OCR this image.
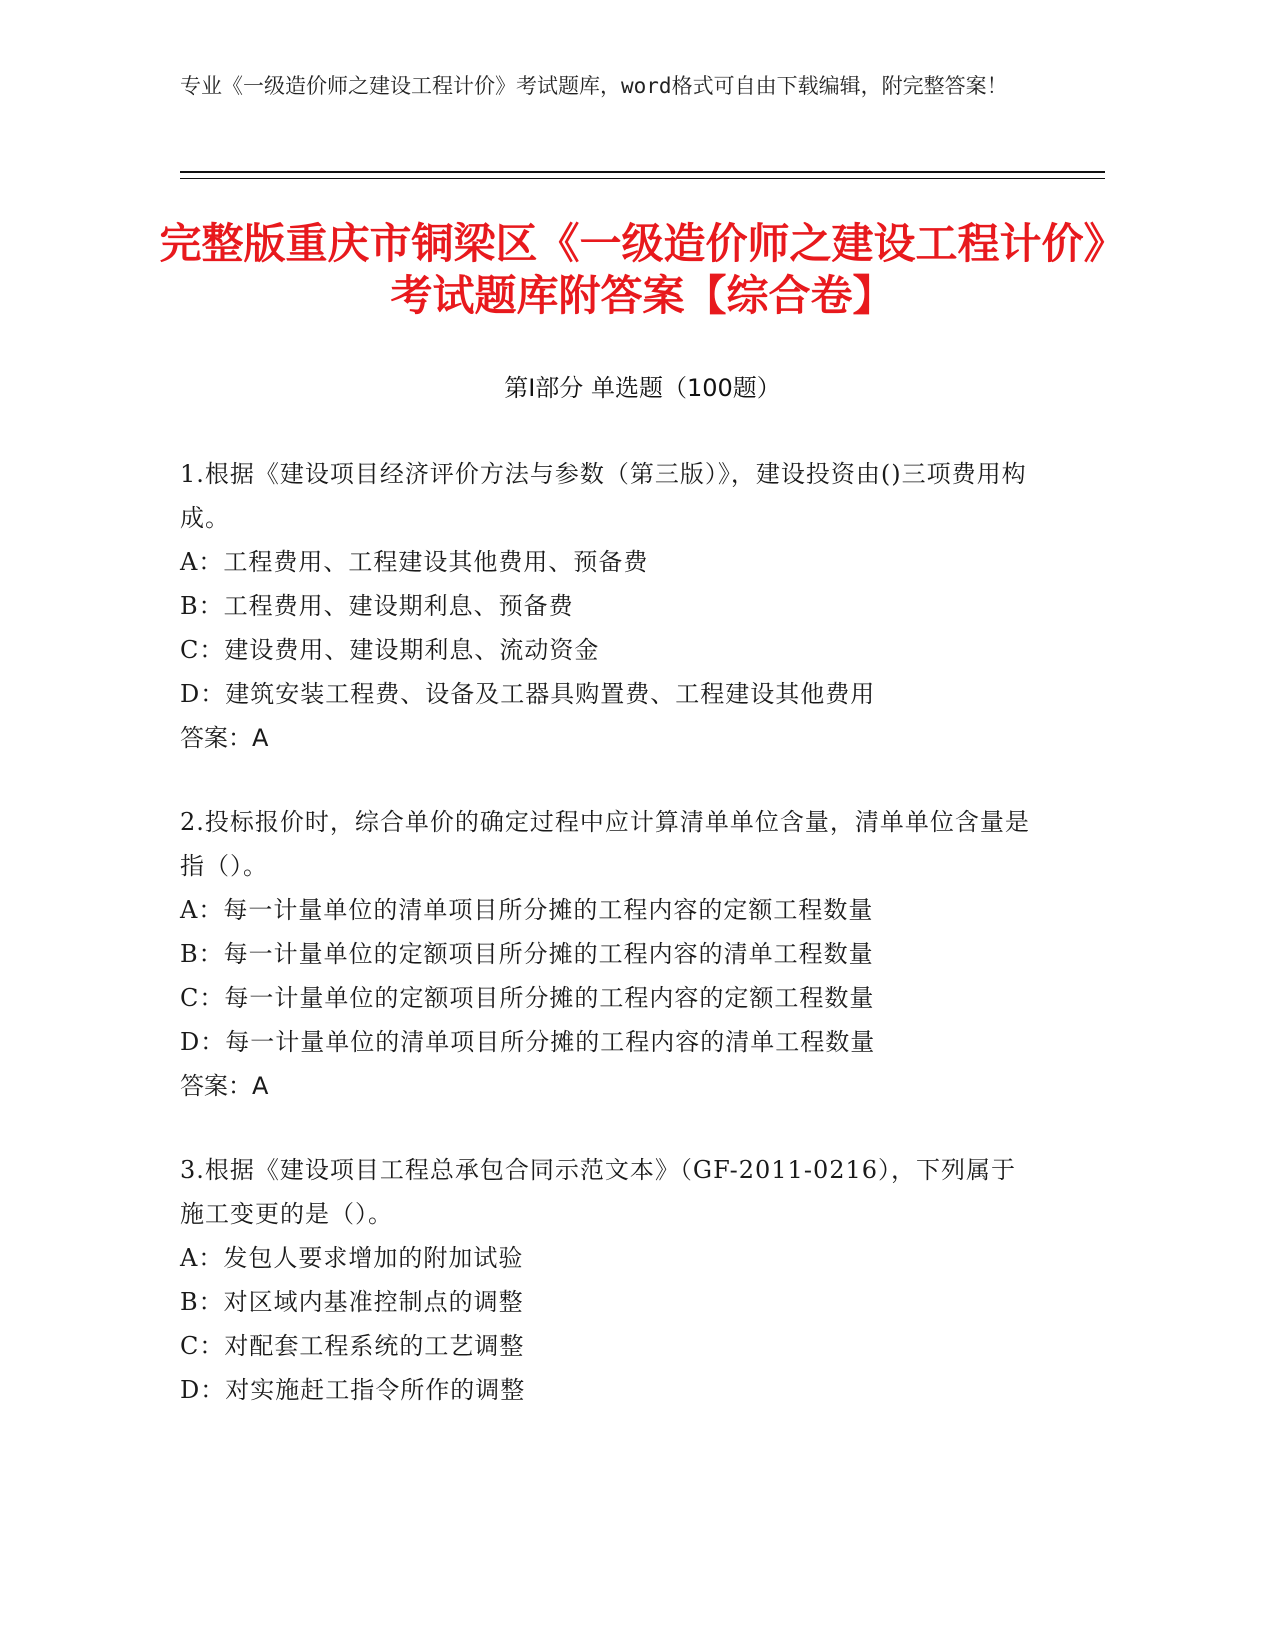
专业《一级造价师之建设工程计价》考试题库，word格式可自由下载编辑，附完整答案！
完整版重庆市铜梁区《一级造价师之建设工程计价》考试题库附答案【综合卷】
第Ⅰ部分 单选题（100题）
1.根据《建设项目经济评价方法与参数（第三版）》，建设投资由()三项费用构成。
A：工程费用、工程建设其他费用、预备费
B：工程费用、建设期利息、预备费
C：建设费用、建设期利息、流动资金
D：建筑安装工程费、设备及工器具购置费、工程建设其他费用
答案：A
2.投标报价时，综合单价的确定过程中应计算清单单位含量，清单单位含量是指（）。
A：每一计量单位的清单项目所分摊的工程内容的定额工程数量
B：每一计量单位的定额项目所分摊的工程内容的清单工程数量
C：每一计量单位的定额项目所分摊的工程内容的定额工程数量
D：每一计量单位的清单项目所分摊的工程内容的清单工程数量
答案：A
3.根据《建设项目工程总承包合同示范文本》（GF-2011-0216），下列属于施工变更的是（）。
A：发包人要求增加的附加试验
B：对区域内基准控制点的调整
C：对配套工程系统的工艺调整
D：对实施赶工指令所作的调整
